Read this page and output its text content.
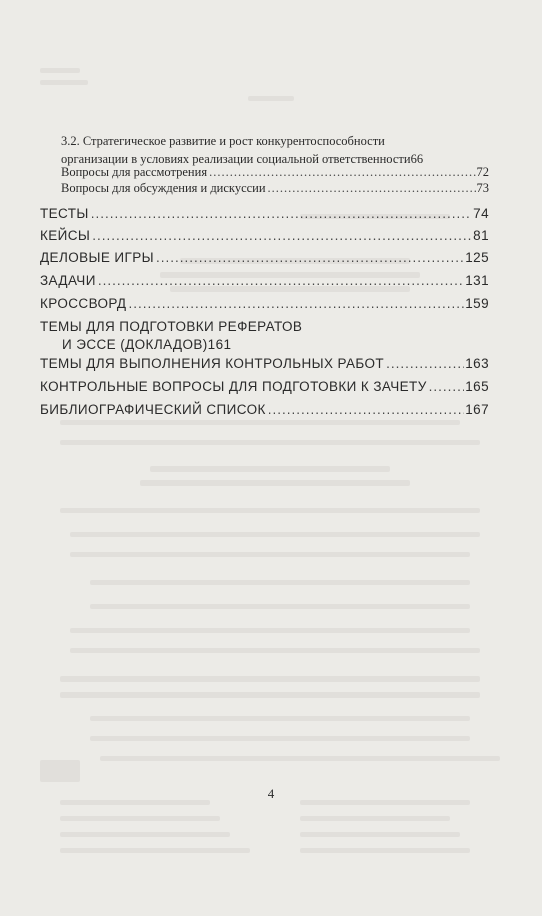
3.2. Стратегическое развитие и рост конкурентоспособности
организации в условиях реализации социальной ответственности 66
Вопросы для рассмотрения .....	72
Вопросы для обсуждения и дискуссии .....	73
ТЕСТЫ .....	74
КЕЙСЫ .....	81
ДЕЛОВЫЕ ИГРЫ .....	125
ЗАДАЧИ .....	131
КРОССВОРД .....	159
ТЕМЫ ДЛЯ ПОДГОТОВКИ РЕФЕРАТОВ
И ЭССЕ (ДОКЛАДОВ) 161
ТЕМЫ ДЛЯ ВЫПОЛНЕНИЯ КОНТРОЛЬНЫХ РАБОТ .....	163
КОНТРОЛЬНЫЕ ВОПРОСЫ ДЛЯ ПОДГОТОВКИ К ЗАЧЕТУ .....	165
БИБЛИОГРАФИЧЕСКИЙ СПИСОК .....	167
4
